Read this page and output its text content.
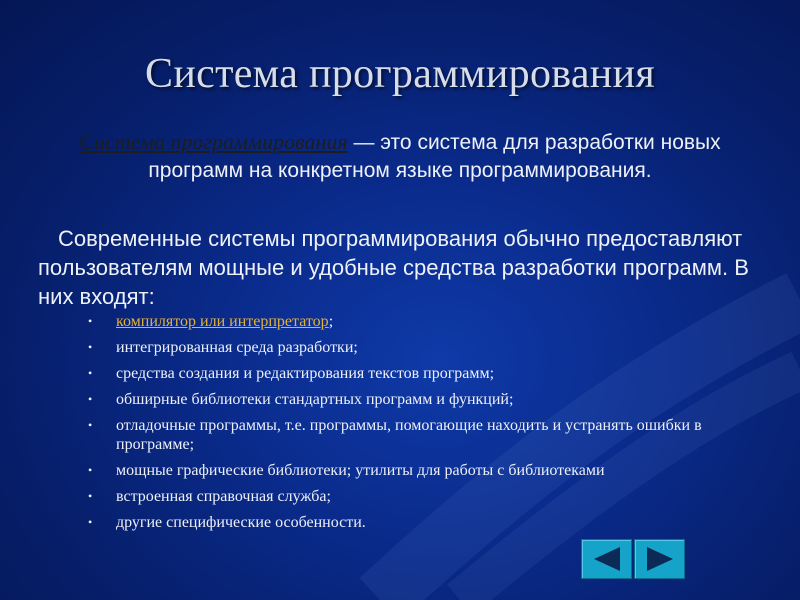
Система программирования
Система программирования — это система для разработки новых программ на конкретном языке программирования.
Современные системы программирования обычно предоставляют пользователям мощные и удобные средства разработки программ. В них входят:
• компилятор или интерпретатор;
• интегрированная среда разработки;
• средства создания и редактирования текстов программ;
• обширные библиотеки стандартных программ и функций;
• отладочные программы, т.е. программы, помогающие находить и устранять ошибки в программе;
• мощные графические библиотеки; утилиты для работы с библиотеками
• встроенная справочная служба;
• другие специфические особенности.
